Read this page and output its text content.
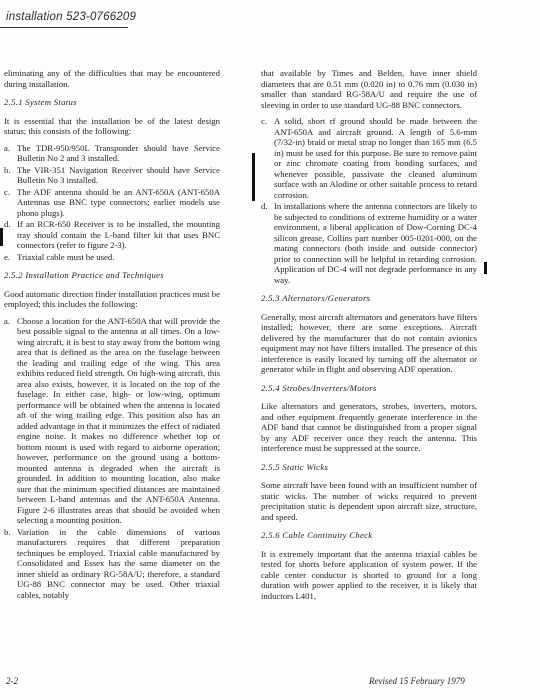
installation 523-0766209

eliminating any of the difficulties that may be encountered during installation.

2.5.1 System Status

It is essential that the installation be of the latest design status; this consists of the following:

a. The TDR-950/950L Transponder should have Service Bulletin No 2 and 3 installed.
b. The VIR-351 Navigation Receiver should have Service Bulletin No 3 installed.
c. The ADF antenna should be an ANT-650A (ANT-650A Antennas use BNC type connectors; earlier models use phono plugs).
d. If an RCR-650 Receiver is to be installed, the mounting tray should contain the L-band filter kit that uses BNC connectors (refer to figure 2-3).
e. Triaxial cable must be used.
2.5.2 Installation Practice and Techniques

Good automatic direction finder installation practices must be employed; this includes the following:

a. Choose a location for the ANT-650A that will provide the best possible signal to the antenna at all times. On a low-wing aircraft, it is best to stay away from the bottom wing area that is defined as the area on the fuselage between the leading and trailing edge of the wing. This area exhibits reduced field strength. On high-wing aircraft, this area also exists, however, it is located on the top of the fuselage. In either case, high- or low-wing, optimum performance will be obtained when the antenna is located aft of the wing trailing edge. This position also has an added advantage in that it minimizes the effect of radiated engine noise. It makes no difference whether top or bottom mount is used with regard to airborne operation; however, performance on the ground using a bottom-mounted antenna is degraded when the aircraft is grounded. In addition to mounting location, also make sure that the minimum specified distances are maintained between L-band antennas and the ANT-650A Antenna. Figure 2-6 illustrates areas that should be avoided when selecting a mounting position.
b. Variation in the cable dimensions of various manufacturers requires that different preparation techniques be employed. Triaxial cable manufactured by Consolidated and Essex has the same diameter on the inner shield as ordinary RG-58A/U; therefore, a standard UG-88 BNC connector may be used. Other triaxial cables, notably

that available by Times and Belden, have inner shield diameters that are 0.51 mm (0.020 in) to 0.76 mm (0.030 in) smaller than standard RG-58A/U and require the use of sleeving in order to use standard UG-88 BNC connectors.

c. A solid, short rf ground should be made between the ANT-650A and aircraft ground. A length of 5.6-mm (7/32-in) braid or metal strap no longer than 165 mm (6.5 in) must be used for this purpose. Be sure to remove paint or zinc chromate coating from bonding surfaces, and whenever possible, passivate the cleaned aluminum surface with an Alodine or other suitable process to retard corrosion.
d. In installations where the antenna connectors are likely to be subjected to conditions of extreme humidity or a water environment, a liberal application of Dow-Corning DC-4 silicon grease, Collins part number 005-0201-000, on the mating connectors (both inside and outside connector) prior to connection will be helpful in retarding corrosion. Application of DC-4 will not degrade performance in any way.
2.5.3 Alternators/Generators

Generally, most aircraft alternators and generators have filters installed; however, there are some exceptions. Aircraft delivered by the manufacturer that do not contain avionics equipment may not have filters installed. The presence of this interference is easily located by turning off the alternator or generator while in flight and observing ADF operation.

2.5.4 Strobes/Inverters/Motors

Like alternators and generators, strobes, inverters, motors, and other equipment frequently generate interference in the ADF band that cannot be distinguished from a proper signal by any ADF receiver once they reach the antenna. This interference must be suppressed at the source.

2.5.5 Static Wicks

Some aircraft have been found with an insufficient number of static wicks. The number of wicks required to prevent precipitation static is dependent upon aircraft size, structure, and speed.

2.5.6 Cable Continuity Check

It is extremely important that the antenna triaxial cables be tested for shorts before application of system power. If the cable center conductor is shorted to ground for a long duration with power applied to the receiver, it is likely that inductors L401,

2-2	Revised 15 February 1979
